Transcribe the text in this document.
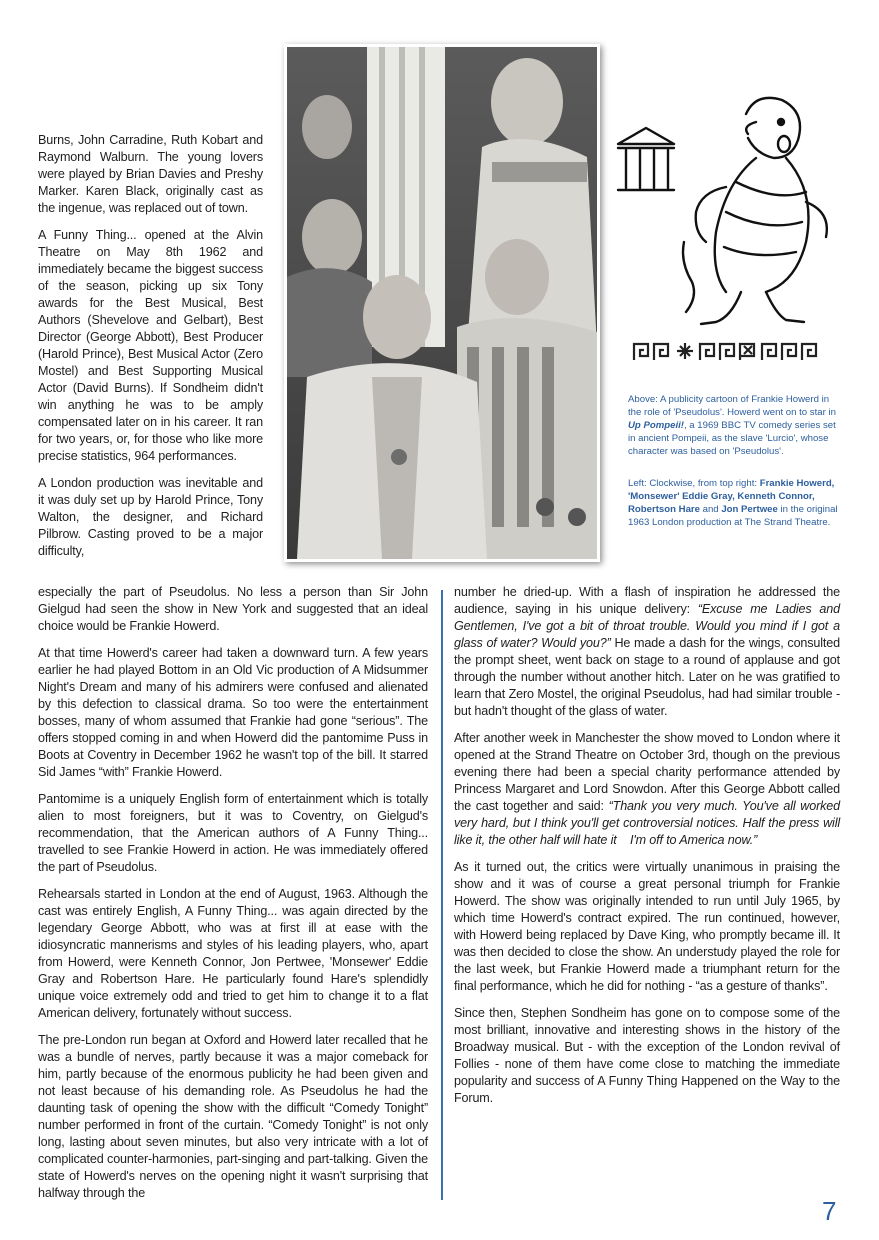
Above: A publicity cartoon of Frankie Howerd in the role of 'Pseudolus'. Howerd went on to star in Up Pompeii!, a 1969 BBC TV comedy series set in ancient Pompeii, as the slave 'Lurcio', whose character was based on 'Pseudolus'.
Left: Clockwise, from top right: Frankie Howerd, 'Monsewer' Eddie Gray, Kenneth Connor, Robertson Hare and Jon Pertwee in the original 1963 London production at The Strand Theatre.

Burns, John Carradine, Ruth Kobart and Raymond Walburn. The young lovers were played by Brian Davies and Preshy Marker. Karen Black, originally cast as the ingenue, was replaced out of town.

A Funny Thing... opened at the Alvin Theatre on May 8th 1962 and immediately became the biggest success of the season, picking up six Tony awards for the Best Musical, Best Authors (Shevelove and Gelbart), Best Director (George Abbott), Best Producer (Harold Prince), Best Musical Actor (Zero Mostel) and Best Supporting Musical Actor (David Burns). If Sondheim didn't win anything he was to be amply compensated later on in his career. It ran for two years, or, for those who like more precise statistics, 964 performances.

A London production was inevitable and it was duly set up by Harold Prince, Tony Walton, the designer, and Richard Pilbrow. Casting proved to be a major difficulty,

especially the part of Pseudolus. No less a person than Sir John Gielgud had seen the show in New York and suggested that an ideal choice would be Frankie Howerd.

At that time Howerd's career had taken a downward turn. A few years earlier he had played Bottom in an Old Vic production of A Midsummer Night's Dream and many of his admirers were confused and alienated by this defection to classical drama. So too were the entertainment bosses, many of whom assumed that Frankie had gone “serious”. The offers stopped coming in and when Howerd did the pantomime Puss in Boots at Coventry in December 1962 he wasn't top of the bill. It starred Sid James “with” Frankie Howerd.

Pantomime is a uniquely English form of entertainment which is totally alien to most foreigners, but it was to Coventry, on Gielgud's recommendation, that the American authors of A Funny Thing... travelled to see Frankie Howerd in action. He was immediately offered the part of Pseudolus.

Rehearsals started in London at the end of August, 1963. Although the cast was entirely English, A Funny Thing... was again directed by the legendary George Abbott, who was at first ill at ease with the idiosyncratic mannerisms and styles of his leading players, who, apart from Howerd, were Kenneth Connor, Jon Pertwee, 'Monsewer' Eddie Gray and Robertson Hare. He particularly found Hare's splendidly unique voice extremely odd and tried to get him to change it to a flat American delivery, fortunately without success.

The pre-London run began at Oxford and Howerd later recalled that he was a bundle of nerves, partly because it was a major comeback for him, partly because of the enormous publicity he had been given and not least because of his demanding role. As Pseudolus he had the daunting task of opening the show with the difficult “Comedy Tonight” number performed in front of the curtain. “Comedy Tonight” is not only long, lasting about seven minutes, but also very intricate with a lot of complicated counter-harmonies, part-singing and part-talking. Given the state of Howerd's nerves on the opening night it wasn't surprising that halfway through the

number he dried-up. With a flash of inspiration he addressed the audience, saying in his unique delivery: “Excuse me Ladies and Gentlemen, I've got a bit of throat trouble. Would you mind if I got a glass of water? Would you?” He made a dash for the wings, consulted the prompt sheet, went back on stage to a round of applause and got through the number without another hitch. Later on he was gratified to learn that Zero Mostel, the original Pseudolus, had had similar trouble - but hadn't thought of the glass of water.

After another week in Manchester the show moved to London where it opened at the Strand Theatre on October 3rd, though on the previous evening there had been a special charity performance attended by Princess Margaret and Lord Snowdon. After this George Abbott called the cast together and said: “Thank you very much. You've all worked very hard, but I think you'll get controversial notices. Half the press will like it, the other half will hate it    I'm off to America now.”

As it turned out, the critics were virtually unanimous in praising the show and it was of course a great personal triumph for Frankie Howerd. The show was originally intended to run until July 1965, by which time Howerd's contract expired. The run continued, however, with Howerd being replaced by Dave King, who promptly became ill. It was then decided to close the show. An understudy played the role for the last week, but Frankie Howerd made a triumphant return for the final performance, which he did for nothing - “as a gesture of thanks”.

Since then, Stephen Sondheim has gone on to compose some of the most brilliant, innovative and interesting shows in the history of the Broadway musical. But - with the exception of the London revival of Follies - none of them have come close to matching the immediate popularity and success of A Funny Thing Happened on the Way to the Forum.

7
